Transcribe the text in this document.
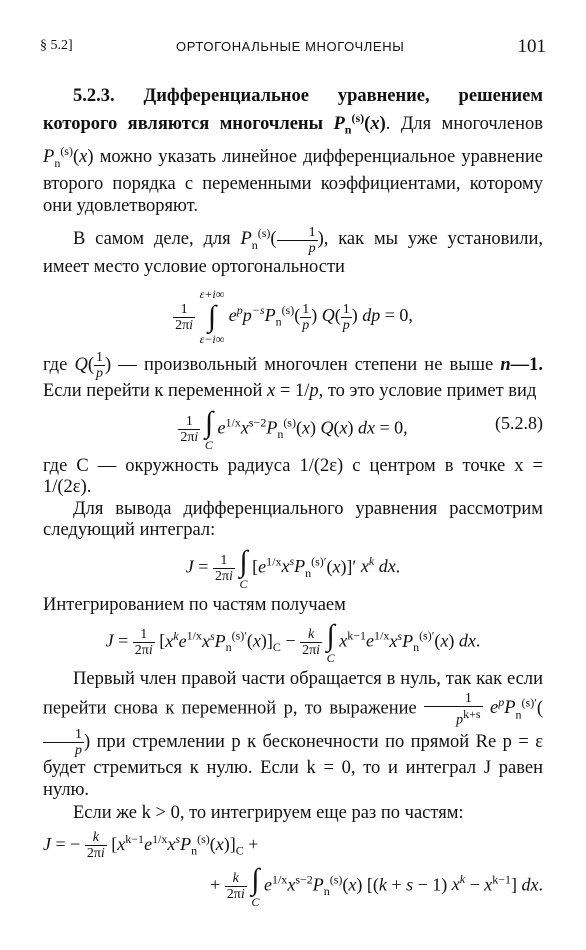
§ 5.2]	ОРТОГОНАЛЬНЫЕ МНОГОЧЛЕНЫ	101

5.2.3. Дифференциальное уравнение, решением которого являются многочлены $P_n^{(s)}(x)$. Для многочленов $P_n^{(s)}(x)$ можно указать линейное дифференциальное уравнение второго порядка с переменными коэффициентами, которому они удовлетворяют.

В самом деле, для $P_n^{(s)}( \frac{1}{p}$ ), как мы уже установили, имеет место условие ортогональности

$\frac{1}{2\pi i}$

ε+i∞
∫
ε−i∞
$e^pp^{-s}P_n^{(s)}( \frac{1}{p}$ ) $Q( \frac{1}{p}$ ) dp = 0,

где $Q( \frac{1}{p}$ ) — произвольный многочлен степени не выше n—1. Если перейти к переменной x = 1/p, то это условие примет вид

$\frac{1}{2\pi i}$
∫
C
$e^{1/x}x^{s-2}P_n^{(s)}(x)$ Q(x) dx = 0,	(5.2.8)

где C — окружность радиуса 1/(2ε) с центром в точке x = 1/(2ε).

Для вывода дифференциального уравнения рассмотрим следующий интеграл:

$J = \frac{1}{2\pi i}$
∫
C
$[e^{1/x}x^sP_n^{(s)'}(x)]'$ $x^k$ dx.

Интегрированием по частям получаем

$J = \frac{1}{2\pi i} [x^ke^{1/x}x^sP_n^{(s)'}(x)]_C - \frac{k}{2\pi i}$
∫
C
$x^{k-1}e^{1/x}x^sP_n^{(s)'}(x)$ dx.

Первый член правой части обращается в нуль, так как если перейти снова к переменной p, то выражение $\frac{1}{p^{k+s}} e^pP_n^{(s)'}$(
$\frac{1}{p}$ ) при стремлении p к бесконечности по прямой Re p = ε будет стремиться к нулю. Если k = 0, то и интеграл J равен нулю.

Если же k > 0, то интегрируем еще раз по частям:

J = − $\frac{k}{2\pi i} [x^{k-1}e^{1/x}x^sP_n^{(s)}(x)]_C$ +
+ $\frac{k}{2\pi i}$
∫
C
$e^{1/x}x^{s-2}P_n^{(s)}(x) [(k + s - 1) x^k - x^{k-1}]$ dx.
